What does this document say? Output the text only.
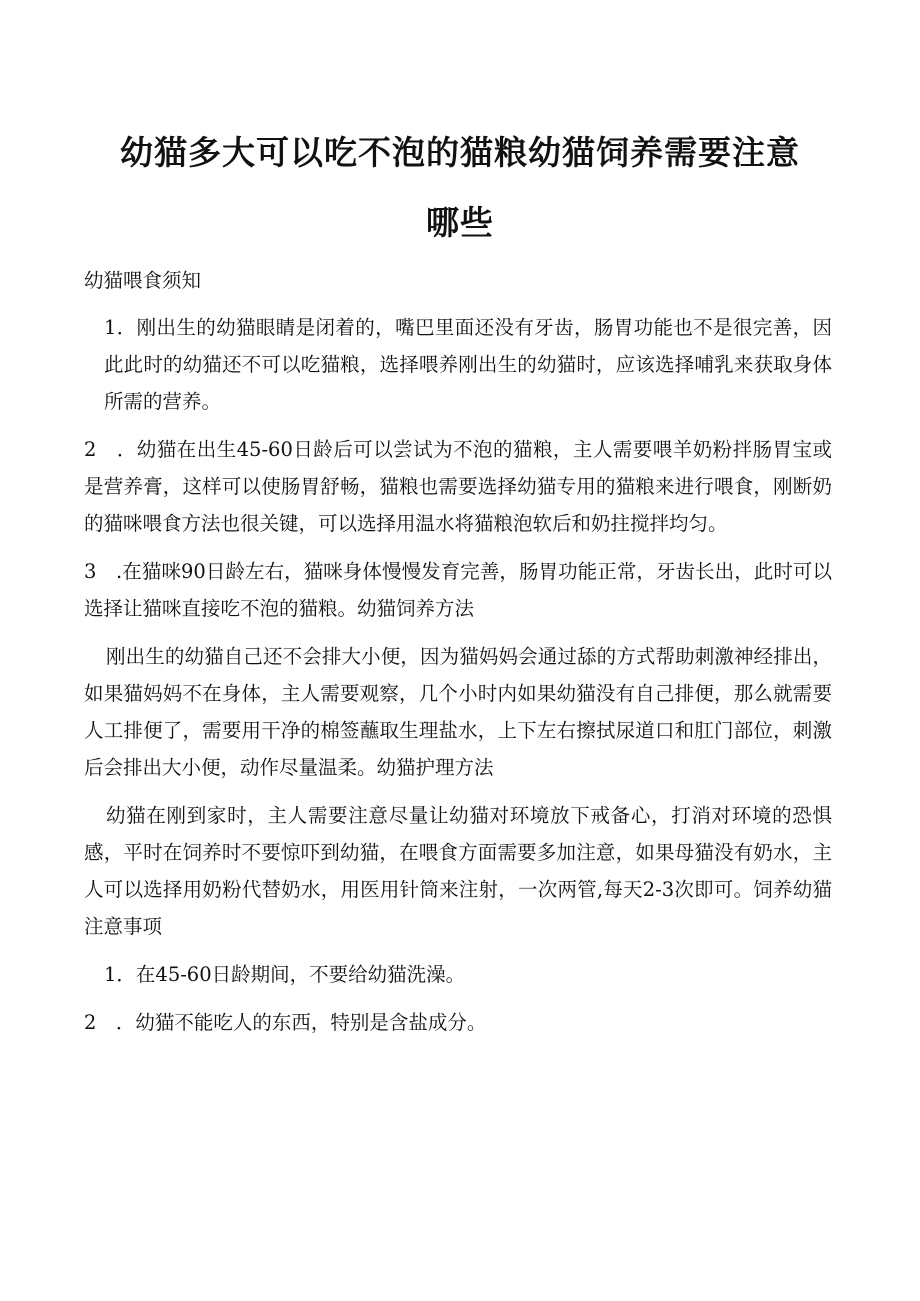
幼猫多大可以吃不泡的猫粮幼猫饲养需要注意
哪些

幼猫喂食须知

1．刚出生的幼猫眼睛是闭着的，嘴巴里面还没有牙齿，肠胃功能也不是很完善，因此此时的幼猫还不可以吃猫粮，选择喂养刚出生的幼猫时，应该选择哺乳来获取身体所需的营养。

2　．幼猫在出生45-60日龄后可以尝试为不泡的猫粮，主人需要喂羊奶粉拌肠胃宝或是营养膏，这样可以使肠胃舒畅，猫粮也需要选择幼猫专用的猫粮来进行喂食，刚断奶的猫咪喂食方法也很关键，可以选择用温水将猫粮泡软后和奶拄搅拌均匀。

3　.在猫咪90日龄左右，猫咪身体慢慢发育完善，肠胃功能正常，牙齿长出，此时可以选择让猫咪直接吃不泡的猫粮。幼猫饲养方法

刚出生的幼猫自己还不会排大小便，因为猫妈妈会通过舔的方式帮助刺激神经排出，如果猫妈妈不在身体，主人需要观察，几个小时内如果幼猫没有自己排便，那么就需要人工排便了，需要用干净的棉签蘸取生理盐水，上下左右擦拭尿道口和肛门部位，刺激后会排出大小便，动作尽量温柔。幼猫护理方法

幼猫在刚到家时，主人需要注意尽量让幼猫对环境放下戒备心，打消对环境的恐惧感，平时在饲养时不要惊吓到幼猫，在喂食方面需要多加注意，如果母猫没有奶水，主人可以选择用奶粉代替奶水，用医用针筒来注射，一次两管,每天2-3次即可。饲养幼猫注意事项

1．在45-60日龄期间，不要给幼猫洗澡。

2　．幼猫不能吃人的东西，特别是含盐成分。
